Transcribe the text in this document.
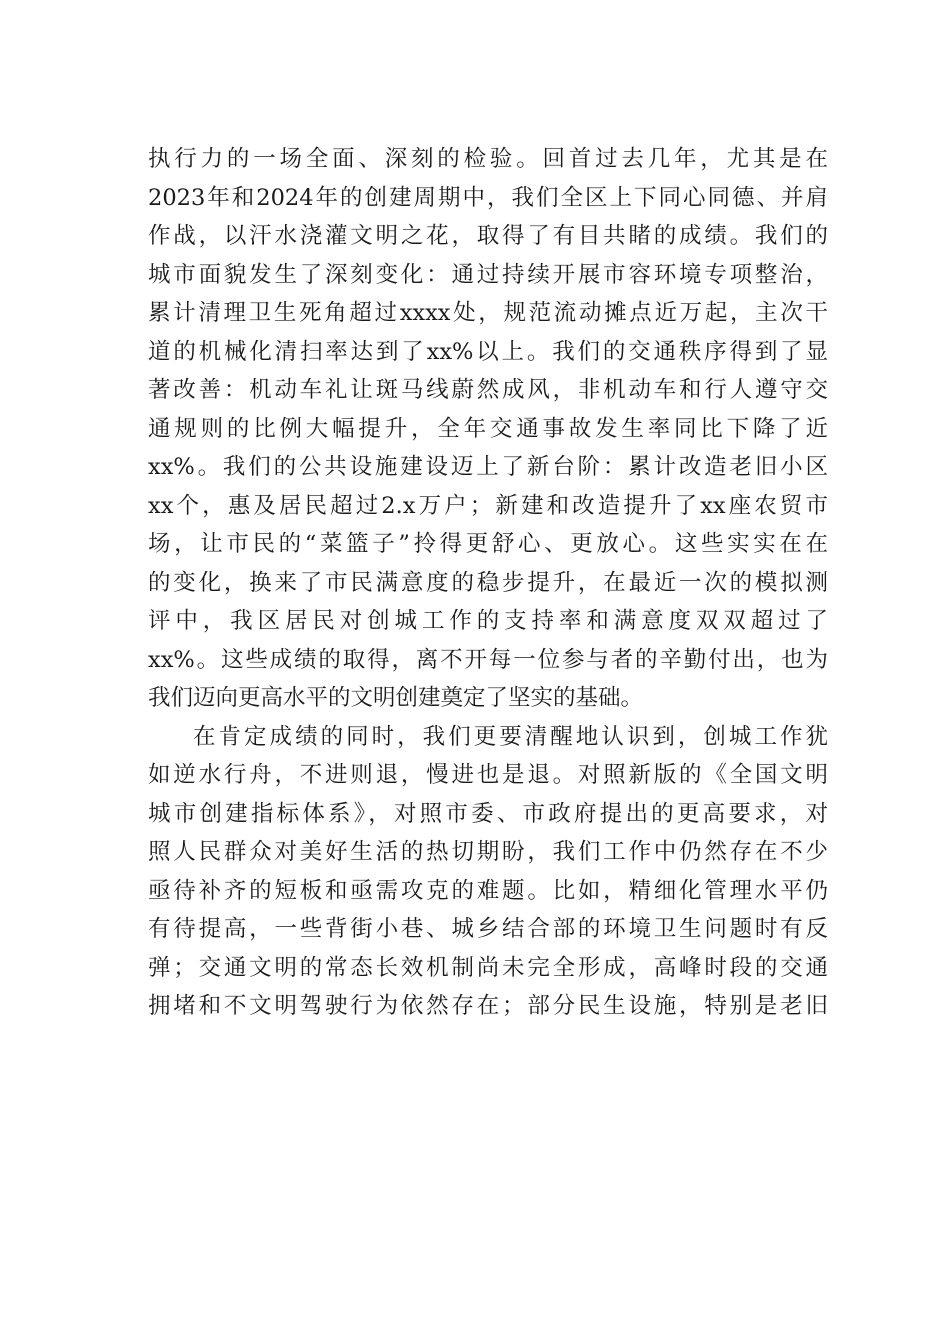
执行力的一场全面、深刻的检验。回首过去几年，尤其是在
2023年和2024年的创建周期中，我们全区上下同心同德、并肩
作战，以汗水浇灌文明之花，取得了有目共睹的成绩。我们的
城市面貌发生了深刻变化：通过持续开展市容环境专项整治，
累计清理卫生死角超过xxxx处，规范流动摊点近万起，主次干
道的机械化清扫率达到了xx%以上。我们的交通秩序得到了显
著改善：机动车礼让斑马线蔚然成风，非机动车和行人遵守交
通规则的比例大幅提升，全年交通事故发生率同比下降了近
xx%。我们的公共设施建设迈上了新台阶：累计改造老旧小区
xx个，惠及居民超过2.x万户；新建和改造提升了xx座农贸市
场，让市民的“菜篮子”拎得更舒心、更放心。这些实实在在
的变化，换来了市民满意度的稳步提升，在最近一次的模拟测
评中，我区居民对创城工作的支持率和满意度双双超过了
xx%。这些成绩的取得，离不开每一位参与者的辛勤付出，也为
我们迈向更高水平的文明创建奠定了坚实的基础。
在肯定成绩的同时，我们更要清醒地认识到，创城工作犹
如逆水行舟，不进则退，慢进也是退。对照新版的《全国文明
城市创建指标体系》，对照市委、市政府提出的更高要求，对
照人民群众对美好生活的热切期盼，我们工作中仍然存在不少
亟待补齐的短板和亟需攻克的难题。比如，精细化管理水平仍
有待提高，一些背街小巷、城乡结合部的环境卫生问题时有反
弹；交通文明的常态长效机制尚未完全形成，高峰时段的交通
拥堵和不文明驾驶行为依然存在；部分民生设施，特别是老旧
